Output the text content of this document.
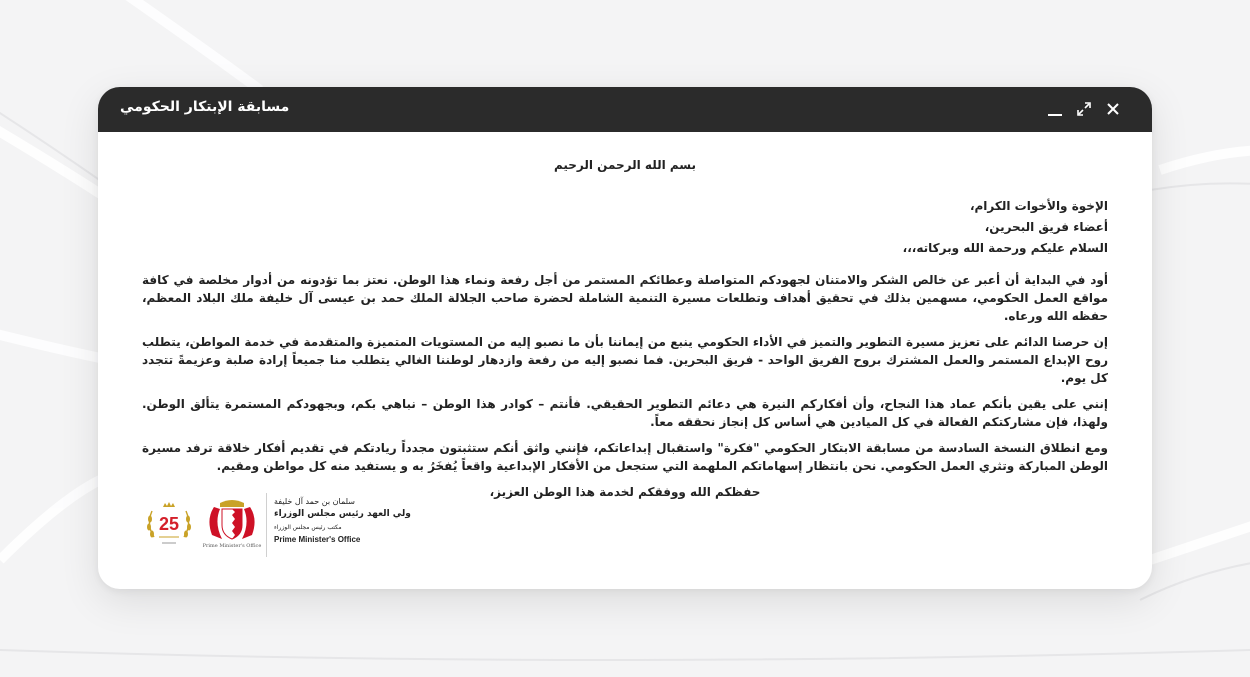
مسابقة الإبتكار الحكومي
بسم الله الرحمن الرحيم
الإخوة والأخوات الكرام،
أعضاء فريق البحرين،
السلام عليكم ورحمة الله وبركاته،،،
أود في البداية أن أعبر عن خالص الشكر والامتنان لجهودكم المتواصلة وعطائكم المستمر من أجل رفعة ونماء هذا الوطن. نعتز بما تؤدونه من أدوار مخلصة في كافة مواقع العمل الحكومي، مسهمين بذلك في تحقيق أهداف وتطلعات مسيرة التنمية الشاملة لحضرة صاحب الجلالة الملك حمد بن عيسى آل خليفة ملك البلاد المعظم، حفظه الله ورعاه.
إن حرصنا الدائم على تعزيز مسيرة التطوير والتميز في الأداء الحكومي ينبع من إيماننا بأن ما نصبو إليه من المستويات المتميزة والمتقدمة في خدمة المواطن، يتطلب روح الإبداع المستمر والعمل المشترك بروح الفريق الواحد - فريق البحرين. فما نصبو إليه من رفعة وازدهار لوطننا الغالي يتطلب منا جميعاً إرادة صلبة وعزيمةً تتجدد كل يوم.
إنني على يقين بأنكم عماد هذا النجاح، وأن أفكاركم النيرة هي دعائم التطوير الحقيقي. فأنتم – كوادر هذا الوطن – نباهي بكم، وبجهودكم المستمرة يتألق الوطن. ولهذا، فإن مشاركتكم الفعالة في كل الميادين هي أساس كل إنجاز نحققه معاً.
ومع انطلاق النسخة السادسة من مسابقة الابتكار الحكومي "فكرة" واستقبال إبداعاتكم، فإنني واثق أنكم ستثبتون مجدداً ريادتكم في تقديم أفكار خلاقة ترفد مسيرة الوطن المباركة وتثري العمل الحكومي. نحن بانتظار إسهاماتكم الملهمة التي ستجعل من الأفكار الإبداعية واقعاً يُفخَرُ به و يستفيد منه كل مواطن ومقيم.
حفظكم الله ووفقكم لخدمة هذا الوطن العزيز،
25
Prime Minister's Office
سلمان بن حمد آل خليفة
ولي العهد رئيس مجلس الوزراء
مكتب رئيس مجلس الوزراء
Prime Minister's Office
